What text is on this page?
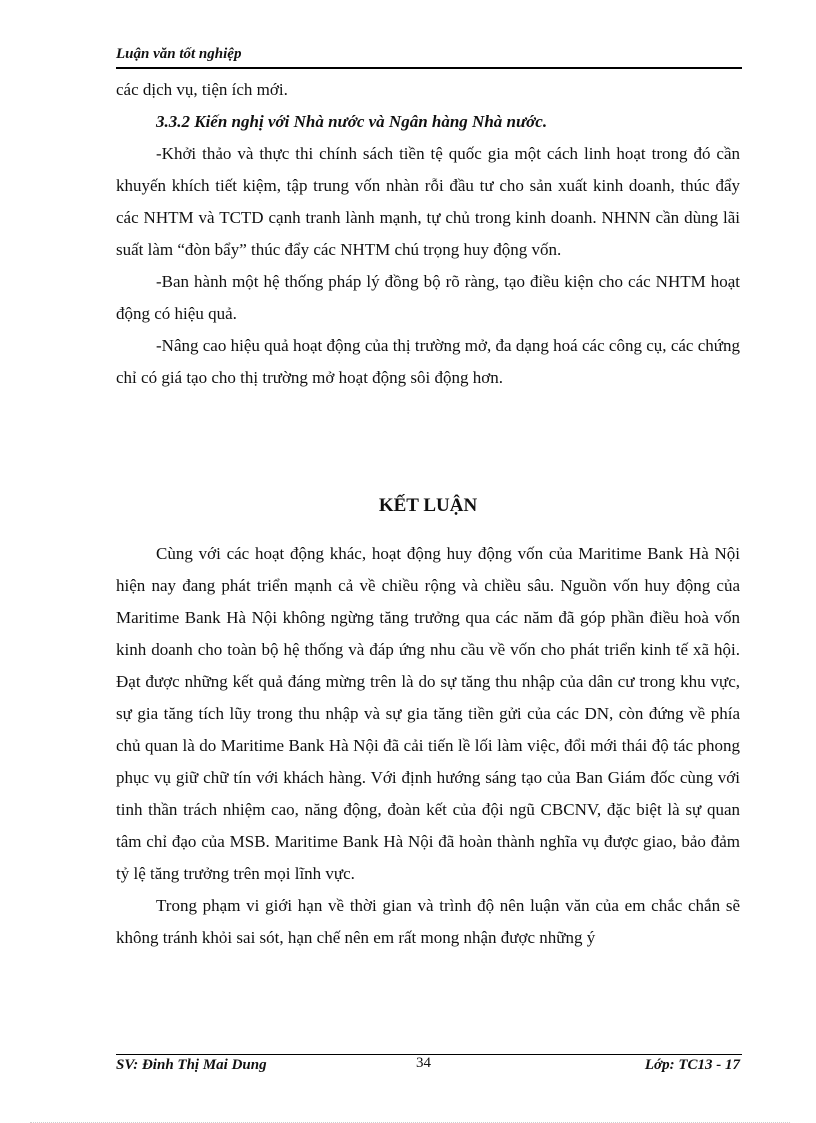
Luận văn tốt nghiệp

các dịch vụ, tiện ích mới.

3.3.2 Kiến nghị với Nhà nước và Ngân hàng Nhà nước.

-Khởi thảo và thực thi chính sách tiền tệ quốc gia một cách linh hoạt trong đó cần khuyến khích tiết kiệm, tập trung vốn nhàn rỗi đầu tư cho sản xuất kinh doanh, thúc đẩy các NHTM và TCTD cạnh tranh lành mạnh, tự chủ trong kinh doanh. NHNN cần dùng lãi suất làm “đòn bẩy” thúc đẩy các NHTM chú trọng huy động vốn.

-Ban hành một hệ thống pháp lý đồng bộ rõ ràng, tạo điều kiện cho các NHTM hoạt động có hiệu quả.

-Nâng cao hiệu quả hoạt động của thị trường mở, đa dạng hoá các công cụ, các chứng chỉ có giá tạo cho thị trường mở hoạt động sôi động hơn.

KẾT LUẬN

Cùng với các hoạt động khác, hoạt động huy động vốn của Maritime Bank Hà Nội hiện nay đang phát triển mạnh cả về chiều rộng và chiều sâu. Nguồn vốn huy động của Maritime Bank Hà Nội không ngừng tăng trưởng qua các năm đã góp phần điều hoà vốn kinh doanh cho toàn bộ hệ thống và đáp ứng nhu cầu về vốn cho phát triển kinh tế xã hội. Đạt được những kết quả đáng mừng trên là do sự tăng thu nhập của dân cư trong khu vực, sự gia tăng tích lũy trong thu nhập và sự gia tăng tiền gửi của các DN, còn đứng về phía chủ quan là do Maritime Bank Hà Nội đã cải tiến lề lối làm việc, đổi mới thái độ tác phong phục vụ giữ chữ tín với khách hàng. Với định hướng sáng tạo của Ban Giám đốc cùng với tinh thần trách nhiệm cao, năng động, đoàn kết của đội ngũ CBCNV, đặc biệt là sự quan tâm chỉ đạo của MSB. Maritime Bank Hà Nội đã hoàn thành nghĩa vụ được giao, bảo đảm tỷ lệ tăng trưởng trên mọi lĩnh vực.

Trong phạm vi giới hạn về thời gian và trình độ nên luận văn của em chắc chắn sẽ không tránh khỏi sai sót, hạn chế nên em rất mong nhận được những ý

SV: Đinh Thị Mai Dung	34	Lớp: TC13 - 17
